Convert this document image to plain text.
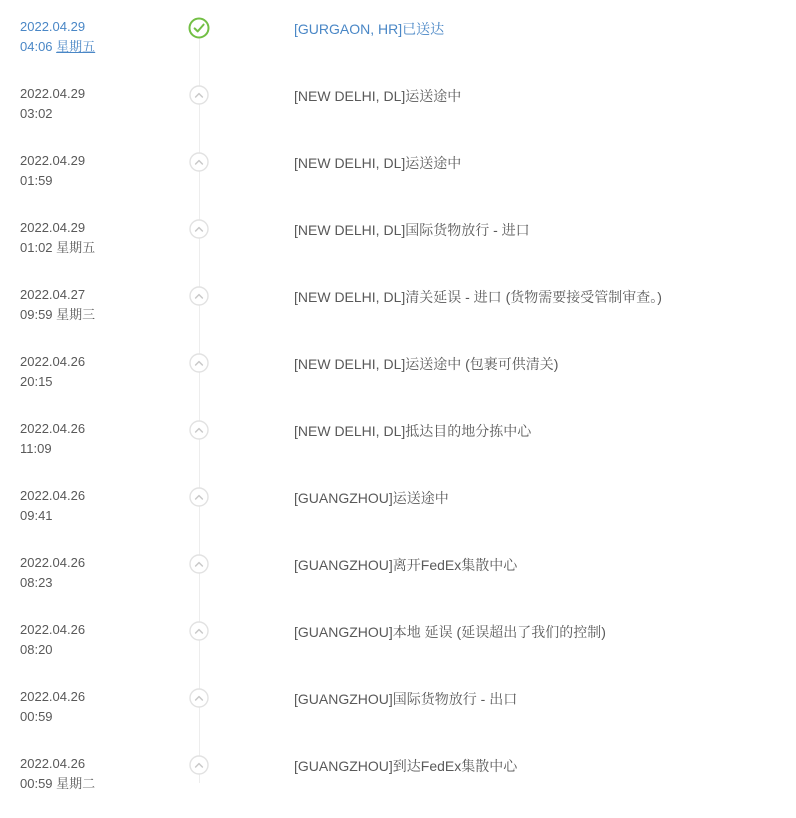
2022.04.29
04:06 星期五
[GURGAON, HR]已送达
2022.04.29
03:02
[NEW DELHI, DL]运送途中
2022.04.29
01:59
[NEW DELHI, DL]运送途中
2022.04.29
01:02 星期五
[NEW DELHI, DL]国际货物放行 - 进口
2022.04.27
09:59 星期三
[NEW DELHI, DL]清关延误 - 进口 (货物需要接受管制审查。)
2022.04.26
20:15
[NEW DELHI, DL]运送途中 (包裹可供清关)
2022.04.26
11:09
[NEW DELHI, DL]抵达目的地分拣中心
2022.04.26
09:41
[GUANGZHOU]运送途中
2022.04.26
08:23
[GUANGZHOU]离开FedEx集散中心
2022.04.26
08:20
[GUANGZHOU]本地 延误 (延误超出了我们的控制)
2022.04.26
00:59
[GUANGZHOU]国际货物放行 - 出口
2022.04.26
00:59 星期二
[GUANGZHOU]到达FedEx集散中心
